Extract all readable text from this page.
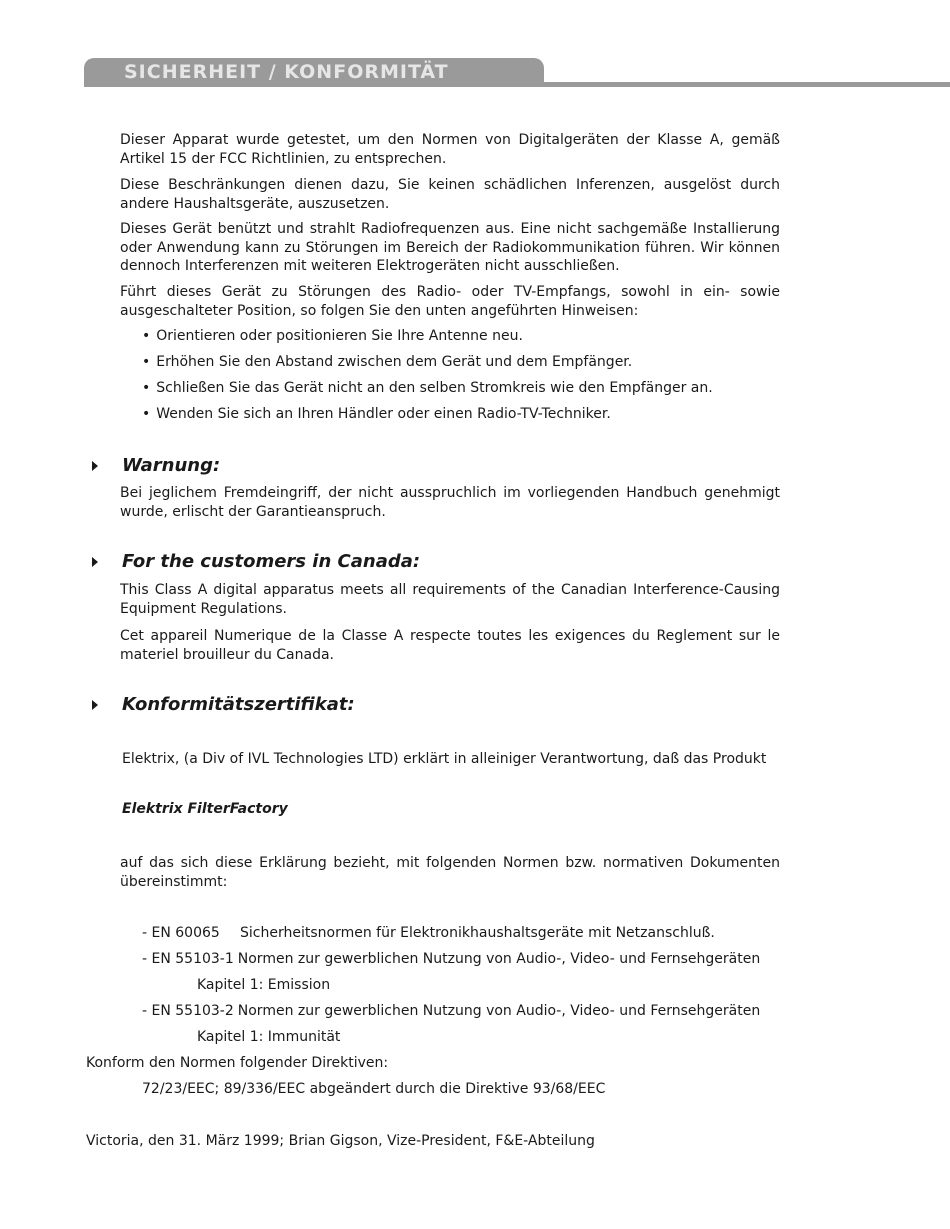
SICHERHEIT / KONFORMITÄT

Dieser Apparat wurde getestet, um den Normen von Digitalgeräten der Klasse A, gemäß Artikel 15 der FCC Richtlinien, zu entsprechen.

Diese Beschränkungen dienen dazu, Sie keinen schädlichen Inferenzen, ausgelöst durch andere Haushaltsgeräte, auszusetzen.

Dieses Gerät benützt und strahlt Radiofrequenzen aus. Eine nicht sachgemäße Installierung oder Anwendung kann zu Störungen im Bereich der Radiokommunikation führen. Wir können dennoch Interferenzen mit weiteren Elektrogeräten nicht ausschließen.

Führt dieses Gerät zu Störungen des Radio- oder TV-Empfangs, sowohl in ein- sowie ausgeschalteter Position, so folgen Sie den unten angeführten Hinweisen:

• Orientieren oder positionieren Sie Ihre Antenne neu.

• Erhöhen Sie den Abstand zwischen dem Gerät und dem Empfänger.

• Schließen Sie das Gerät nicht an den selben Stromkreis wie den Empfänger an.

• Wenden Sie sich an Ihren Händler oder einen Radio-TV-Techniker.

Warnung:

Bei jeglichem Fremdeingriff, der nicht ausspruchlich im vorliegenden Handbuch genehmigt wurde, erlischt der Garantieanspruch.

For the customers in Canada:

This Class A digital apparatus meets all requirements of the Canadian Interference-Causing Equipment Regulations.

Cet appareil Numerique de la Classe A respecte toutes les exigences du Reglement sur le materiel brouilleur du Canada.

Konformitätszertifikat:

Elektrix, (a Div of IVL Technologies LTD) erklärt in alleiniger Verantwortung, daß das Produkt

Elektrix FilterFactory

auf das sich diese Erklärung bezieht, mit folgenden Normen bzw. normativen Dokumenten übereinstimmt:

- EN 60065 Sicherheitsnormen für Elektronikhaushaltsgeräte mit Netzanschluß.

- EN 55103-1 Normen zur gewerblichen Nutzung von Audio-, Video- und Fernsehgeräten

Kapitel 1: Emission

- EN 55103-2 Normen zur gewerblichen Nutzung von Audio-, Video- und Fernsehgeräten

Kapitel 1: Immunität

Konform den Normen folgender Direktiven:

72/23/EEC; 89/336/EEC abgeändert durch die Direktive 93/68/EEC

Victoria, den 31. März 1999; Brian Gigson, Vize-President, F&E-Abteilung
